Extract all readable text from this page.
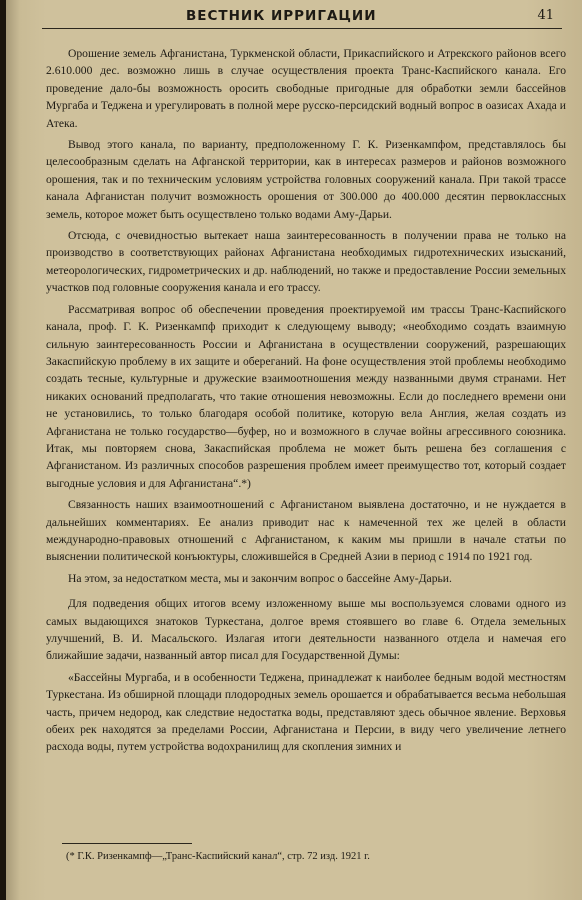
ВЕСТНИК ИРРИГАЦИИ	41

Орошение земель Афганистана, Туркменской области, Прикаспийского и Атрекского районов всего 2.610.000 дес. возможно лишь в случае осуществления проекта Транс-Каспийского канала. Его проведение дало-бы возможность оросить свободные пригодные для обработки земли бассейнов Мургаба и Теджена и урегулировать в полной мере русско-персидский водный вопрос в оазисах Ахада и Атека.

Вывод этого канала, по варианту, предположенному Г. К. Ризенкампфом, представлялось бы целесообразным сделать на Афганской территории, как в интересах размеров и районов возможного орошения, так и по техническим условиям устройства головных сооружений канала. При такой трассе канала Афганистан получит возможность орошения от 300.000 до 400.000 десятин первоклассных земель, которое может быть осуществлено только водами Аму-Дарьи.

Отсюда, с очевидностью вытекает наша заинтересованность в получении права не только на производство в соответствующих районах Афганистана необходимых гидротехнических изысканий, метеорологических, гидрометрических и др. наблюдений, но также и предоставление России земельных участков под головные сооружения канала и его трассу.

Рассматривая вопрос об обеспечении проведения проектируемой им трассы Транс-Каспийского канала, проф. Г. К. Ризенкампф приходит к следующему выводу; «необходимо создать взаимную сильную заинтересованность России и Афганистана в осуществлении сооружений, разрешающих Закаспийскую проблему в их защите и обереганий. На фоне осуществления этой проблемы необходимо создать тесные, культурные и дружеские взаимоотношения между названными двумя странами. Нет никаких оснований предполагать, что такие отношения невозможны. Если до последнего времени они не установились, то только благодаря особой политике, которую вела Англия, желая создать из Афганистана не только государство—буфер, но и возможного в случае войны агрессивного союзника. Итак, мы повторяем снова, Закаспийская проблема не может быть решена без соглашения с Афганистаном. Из различных способов разрешения проблем имеет преимущество тот, который создает выгодные условия и для Афганистана“.*)

Связанность наших взаимоотношений с Афганистаном выявлена достаточно, и не нуждается в дальнейших комментариях. Ее анализ приводит нас к намеченной тех же целей в области международно-правовых отношений с Афганистаном, к каким мы пришли в начале статьи по выяснении политической конъюктуры, сложившейся в Средней Азии в период с 1914 по 1921 год.

На этом, за недостатком места, мы и закончим вопрос о бассейне Аму-Дарьи.

Для подведения общих итогов всему изложенному выше мы воспользуемся словами одного из самых выдающихся знатоков Туркестана, долгое время стоявшего во главе 6. Отдела земельных улучшений, В. И. Масальского. Излагая итоги деятельности названного отдела и намечая его ближайшие задачи, названный автор писал для Государственной Думы:

«Бассейны Мургаба, и в особенности Теджена, принадлежат к наиболее бедным водой местностям Туркестана. Из обширной площади плодородных земель орошается и обрабатывается весьма небольшая часть, причем недород, как следствие недостатка воды, представляют здесь обычное явление. Верховья обеих рек находятся за пределами России, Афганистана и Персии, в виду чего увеличение летнего расхода воды, путем устройства водохранилищ для скопления зимних и

(* Г.К. Ризенкампф—„Транс-Каспийский канал“, стр. 72 изд. 1921 г.
